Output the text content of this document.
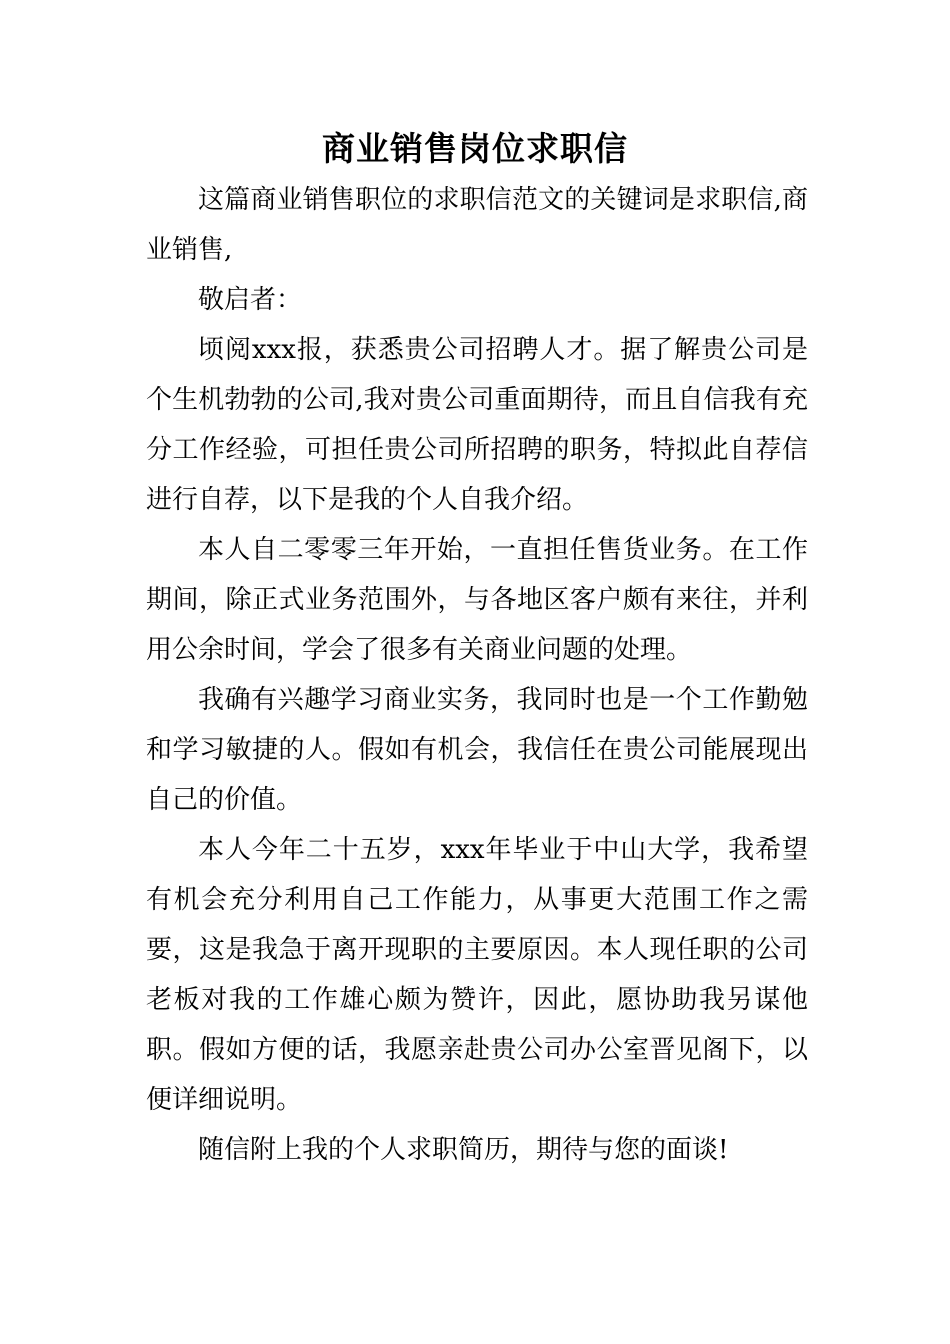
商业销售岗位求职信

这篇商业销售职位的求职信范文的关键词是求职信,商业销售,

敬启者：

顷阅xxx报，获悉贵公司招聘人才。据了解贵公司是个生机勃勃的公司,我对贵公司重面期待，而且自信我有充分工作经验，可担任贵公司所招聘的职务，特拟此自荐信进行自荐，以下是我的个人自我介绍。

本人自二零零三年开始，一直担任售货业务。在工作期间，除正式业务范围外，与各地区客户颇有来往，并利用公余时间，学会了很多有关商业问题的处理。

我确有兴趣学习商业实务，我同时也是一个工作勤勉和学习敏捷的人。假如有机会，我信任在贵公司能展现出自己的价值。

本人今年二十五岁，xxx年毕业于中山大学，我希望有机会充分利用自己工作能力，从事更大范围工作之需要，这是我急于离开现职的主要原因。本人现任职的公司老板对我的工作雄心颇为赞许，因此，愿协助我另谋他职。假如方便的话，我愿亲赴贵公司办公室晋见阁下，以便详细说明。

随信附上我的个人求职简历，期待与您的面谈!
